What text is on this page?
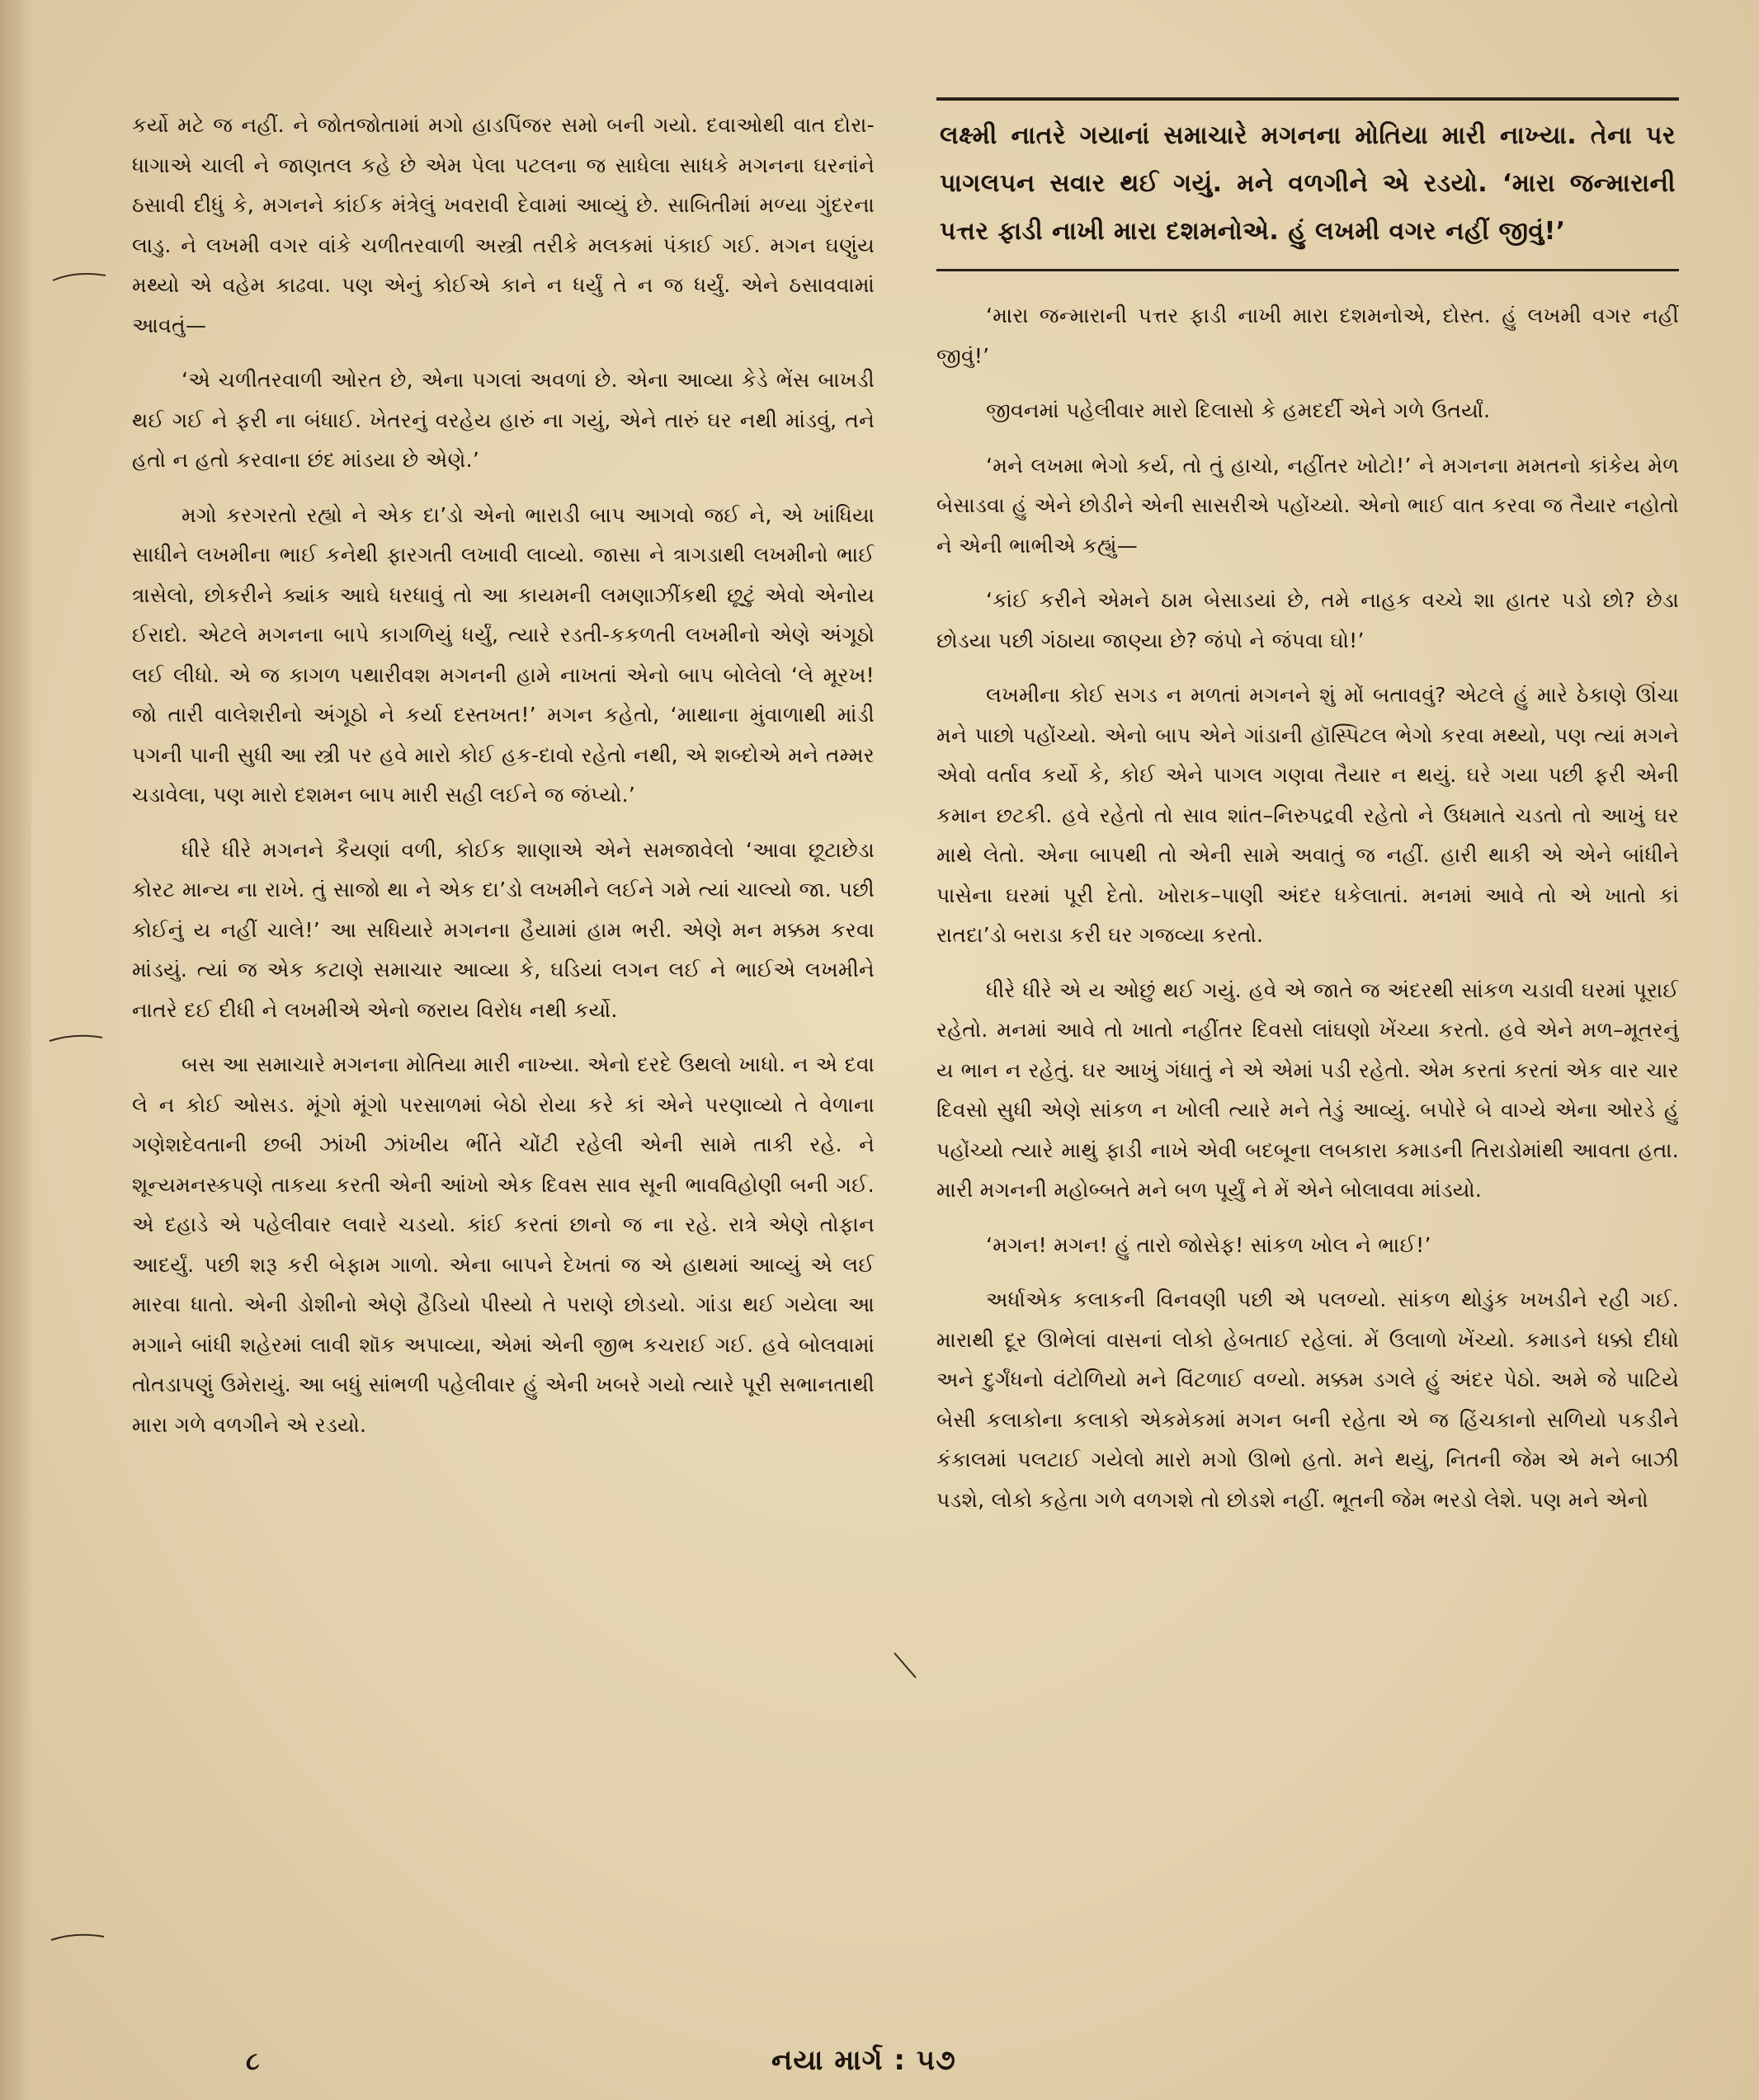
કર્યો મટે જ નહીં. ને જોતજોતામાં મગો હાડપિંજર સમો બની ગયો. દવાઓથી વાત દોરા-ધાગાએ ચાલી ને જાણતલ કહે છે એમ પેલા પટલના જ સાધેલા સાધકે મગનના ઘરનાંને ઠસાવી દીધું કે, મગનને કાંઈક મંત્રેલું ખવરાવી દેવામાં આવ્યું છે. સાબિતીમાં મળ્યા ગુંદરના લાડુ. ને લખમી વગર વાંકે ચળીતરવાળી અસ્ત્રી તરીકે મલકમાં પંકાઈ ગઈ. મગન ઘણુંય મથ્યો એ વહેમ કાઢવા. પણ એનું કોઈએ કાને ન ધર્યું તે ન જ ધર્યું. એને ઠસાવવામાં આવતું—

‘એ ચળીતરવાળી ઓરત છે, એના પગલાં અવળાં છે. એના આવ્યા કેડે ભેંસ બાખડી થઈ ગઈ ને ફરી ના બંધાઈ. ખેતરનું વરહેય હારું ના ગયું, એને તારું ઘર નથી માંડવું, તને હતો ન હતો કરવાના છંદ માંડયા છે એણે.’

મગો કરગરતો રહ્યો ને એક દા’ડો એનો ભારાડી બાપ આગવો જઈ ને, એ ખાંધિયા સાધીને લખમીના ભાઈ કનેથી ફારગતી લખાવી લાવ્યો. જાસા ને ત્રાગડાથી લખમીનો ભાઈ ત્રાસેલો, છોકરીને ક્યાંક આઘે ધરધાવું તો આ કાયમની લમણાઝીંકથી છૂટું એવો એનોય ઈરાદો. એટલે મગનના બાપે કાગળિયું ધર્યું, ત્યારે રડતી-કકળતી લખમીનો એણે અંગૂઠો લઈ લીધો. એ જ કાગળ પથારીવશ મગનની હામે નાખતાં એનો બાપ બોલેલો ‘લે મૂરખ! જો તારી વાલેશરીનો અંગૂઠો ને કર્યા દસ્તખત!’ મગન કહેતો, ‘માથાના મુંવાળાથી માંડી પગની પાની સુધી આ સ્ત્રી પર હવે મારો કોઈ હક-દાવો રહેતો નથી, એ શબ્દોએ મને તમ્મર ચડાવેલા, પણ મારો દશમન બાપ મારી સહી લઈને જ જંપ્યો.’

ધીરે ધીરે મગનને કૈયણાં વળી, કોઈક શાણાએ એને સમજાવેલો ‘આવા છૂટાછેડા કોરટ માન્ય ના રાખે. તું સાજો થા ને એક દા’ડો લખમીને લઈને ગમે ત્યાં ચાલ્યો જા. પછી કોઈનું ય નહીં ચાલે!’ આ સધિયારે મગનના હૈયામાં હામ ભરી. એણે મન મક્કમ કરવા માંડયું. ત્યાં જ એક કટાણે સમાચાર આવ્યા કે, ઘડિયાં લગન લઈ ને ભાઈએ લખમીને નાતરે દઈ દીધી ને લખમીએ એનો જરાય વિરોધ નથી કર્યો.

બસ આ સમાચારે મગનના મોતિયા મારી નાખ્યા. એનો દરદે ઉથલો ખાધો. ન એ દવા લે ન કોઈ ઓસડ. મૂંગો મૂંગો પરસાળમાં બેઠો રોયા કરે કાં એને પરણાવ્યો તે વેળાના ગણેશદેવતાની છબી ઝાંખી ઝાંખીય ભીંતે ચોંટી રહેલી એની સામે તાકી રહે. ને શૂન્યમનસ્કપણે તાકયા કરતી એની આંખો એક દિવસ સાવ સૂની ભાવવિહોણી બની ગઈ. એ દહાડે એ પહેલીવાર લવારે ચડયો. કાંઈ કરતાં છાનો જ ના રહે. રાત્રે એણે તોફાન આદર્યું. પછી શરૂ કરી બેફામ ગાળો. એના બાપને દેખતાં જ એ હાથમાં આવ્યું એ લઈ મારવા ધાતો. એની ડોશીનો એણે હૈડિયો પીસ્યો તે પરાણે છોડયો. ગાંડા થઈ ગયેલા આ મગાને બાંધી શહેરમાં લાવી શૉક અપાવ્યા, એમાં એની જીભ કચરાઈ ગઈ. હવે બોલવામાં તોતડાપણું ઉમેરાયું. આ બધું સાંભળી પહેલીવાર હું એની ખબરે ગયો ત્યારે પૂરી સભાનતાથી મારા ગળે વળગીને એ રડયો.

લક્ષ્મી નાતરે ગયાનાં સમાચારે મગનના મોતિયા મારી નાખ્યા. તેના પર પાગલપન સવાર થઈ ગયું. મને વળગીને એ રડયો. ‘મારા જન્મારાની પત્તર ફાડી નાખી મારા દશમનોએ. હું લખમી વગર નહીં જીવું!’

‘મારા જન્મારાની પત્તર ફાડી નાખી મારા દશમનોએ, દોસ્ત. હું લખમી વગર નહીં જીવું!’

જીવનમાં પહેલીવાર મારો દિલાસો કે હમદર્દી એને ગળે ઉતર્યાં.

‘મને લખમા ભેગો કર્ય, તો તું હાચો, નહીંતર ખોટો!’ ને મગનના મમતનો કાંકેય મેળ બેસાડવા હું એને છોડીને એની સાસરીએ પહોંચ્યો. એનો ભાઈ વાત કરવા જ તૈયાર નહોતો ને એની ભાભીએ કહ્યું—

‘કાંઈ કરીને એમને ઠામ બેસાડયાં છે, તમે નાહક વચ્ચે શા હાતર પડો છો? છેડા છોડયા પછી ગંઠાયા જાણ્યા છે? જંપો ને જંપવા ઘો!’

લખમીના કોઈ સગડ ન મળતાં મગનને શું મોં બતાવવું? એટલે હું મારે ઠેકાણે ઊંચા મને પાછો પહોંચ્યો. એનો બાપ એને ગાંડાની હૉસ્પિટલ ભેગો કરવા મથ્યો, પણ ત્યાં મગને એવો વર્તાવ કર્યો કે, કોઈ એને પાગલ ગણવા તૈયાર ન થયું. ઘરે ગયા પછી ફરી એની કમાન છટકી. હવે રહેતો તો સાવ શાંત–નિરુપદ્રવી રહેતો ને ઉધમાતે ચડતો તો આખું ઘર માથે લેતો. એના બાપથી તો એની સામે અવાતું જ નહીં. હારી થાકી એ એને બાંધીને પાસેના ઘરમાં પૂરી દેતો. ખોરાક–પાણી અંદર ધકેલાતાં. મનમાં આવે તો એ ખાતો કાં રાતદા’ડો બરાડા કરી ઘર ગજવ્યા કરતો.

ધીરે ધીરે એ ય ઓછું થઈ ગયું. હવે એ જાતે જ અંદરથી સાંકળ ચડાવી ઘરમાં પૂરાઈ રહેતો. મનમાં આવે તો ખાતો નહીંતર દિવસો લાંઘણો ખેંચ્યા કરતો. હવે એને મળ–મૂતરનું ય ભાન ન રહેતું. ઘર આખું ગંધાતું ને એ એમાં પડી રહેતો. એમ કરતાં કરતાં એક વાર ચાર દિવસો સુધી એણે સાંકળ ન ખોલી ત્યારે મને તેડું આવ્યું. બપોરે બે વાગ્યે એના ઓરડે હું પહોંચ્યો ત્યારે માથું ફાડી નાખે એવી બદબૂના લબકારા કમાડની તિરાડોમાંથી આવતા હતા. મારી મગનની મહોબ્બતે મને બળ પૂર્યું ને મેં એને બોલાવવા માંડયો.

‘મગન! મગન! હું તારો જોસેફ! સાંકળ ખોલ ને ભાઈ!’

અર્ધાએક કલાકની વિનવણી પછી એ પલળ્યો. સાંકળ થોડુંક ખખડીને રહી ગઈ. મારાથી દૂર ઊભેલાં વાસનાં લોકો હેબતાઈ રહેલાં. મેં ઉલાળો ખેંચ્યો. કમાડને ધક્કો દીધો અને દુર્ગંધનો વંટોળિયો મને વિંટળાઈ વળ્યો. મક્કમ ડગલે હું અંદર પેઠો. અમે જે પાટિયે બેસી કલાકોના કલાકો એકમેકમાં મગન બની રહેતા એ જ હિંચકાનો સળિયો પકડીને કંકાલમાં પલટાઈ ગયેલો મારો મગો ઊભો હતો. મને થયું, નિતની જેમ એ મને બાઝી પડશે, લોકો કહેતા ગળે વળગશે તો છોડશે નહીં. ભૂતની જેમ ભરડો લેશે. પણ મને એનો

૮	નયા માર્ગ : ૫૭
